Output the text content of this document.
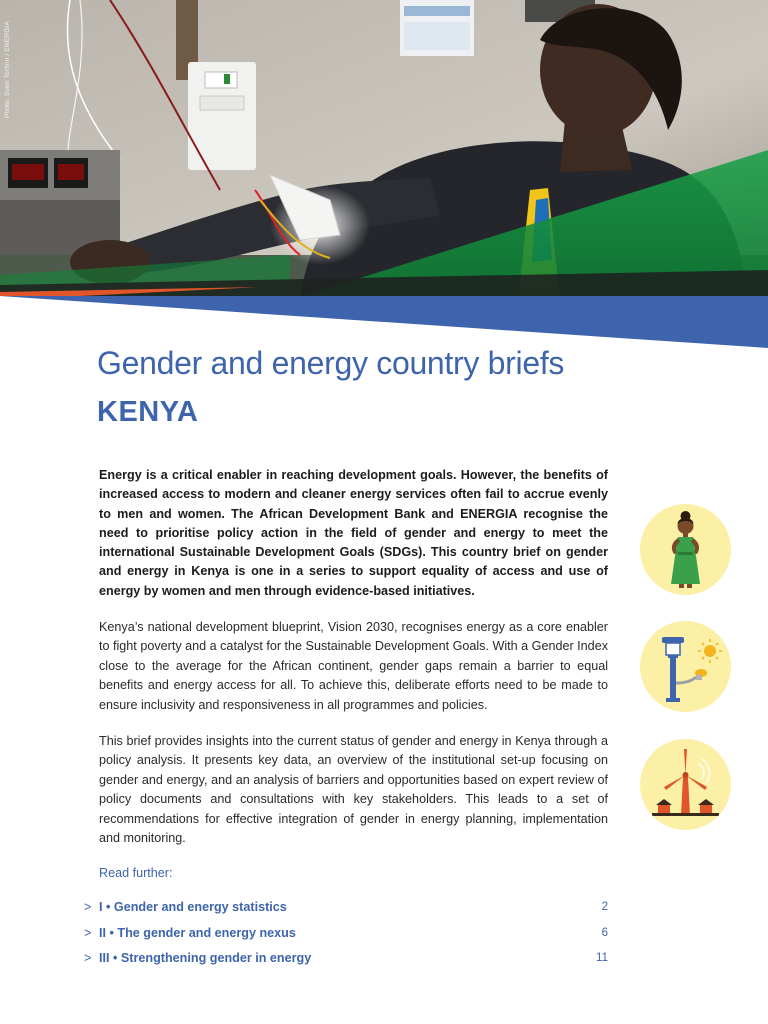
Photo: Sven Torfinn / ENERGIA
Gender and energy country briefs
KENYA

Energy is a critical enabler in reaching development goals. However, the benefits of increased access to modern and cleaner energy services often fail to accrue evenly to men and women. The African Development Bank and ENERGIA recognise the need to prioritise policy action in the field of gender and energy to meet the international Sustainable Development Goals (SDGs). This country brief on gender and energy in Kenya is one in a series to support equality of access and use of energy by women and men through evidence-based initiatives.

Kenya’s national development blueprint, Vision 2030, recognises energy as a core enabler to fight poverty and a catalyst for the Sustainable Development Goals. With a Gender Index close to the average for the African continent, gender gaps remain a barrier to equal benefits and energy access for all. To achieve this, deliberate efforts need to be made to ensure inclusivity and responsiveness in all programmes and policies.

This brief provides insights into the current status of gender and energy in Kenya through a policy analysis. It presents key data, an overview of the institutional set-up focusing on gender and energy, and an analysis of barriers and opportunities based on expert review of policy documents and consultations with key stakeholders. This leads to a set of recommendations for effective integration of gender in energy planning, implementation and monitoring.

Read further:

> I • Gender and energy statistics	2
> II • The gender and energy nexus	6
> III • Strengthening gender in energy	11
